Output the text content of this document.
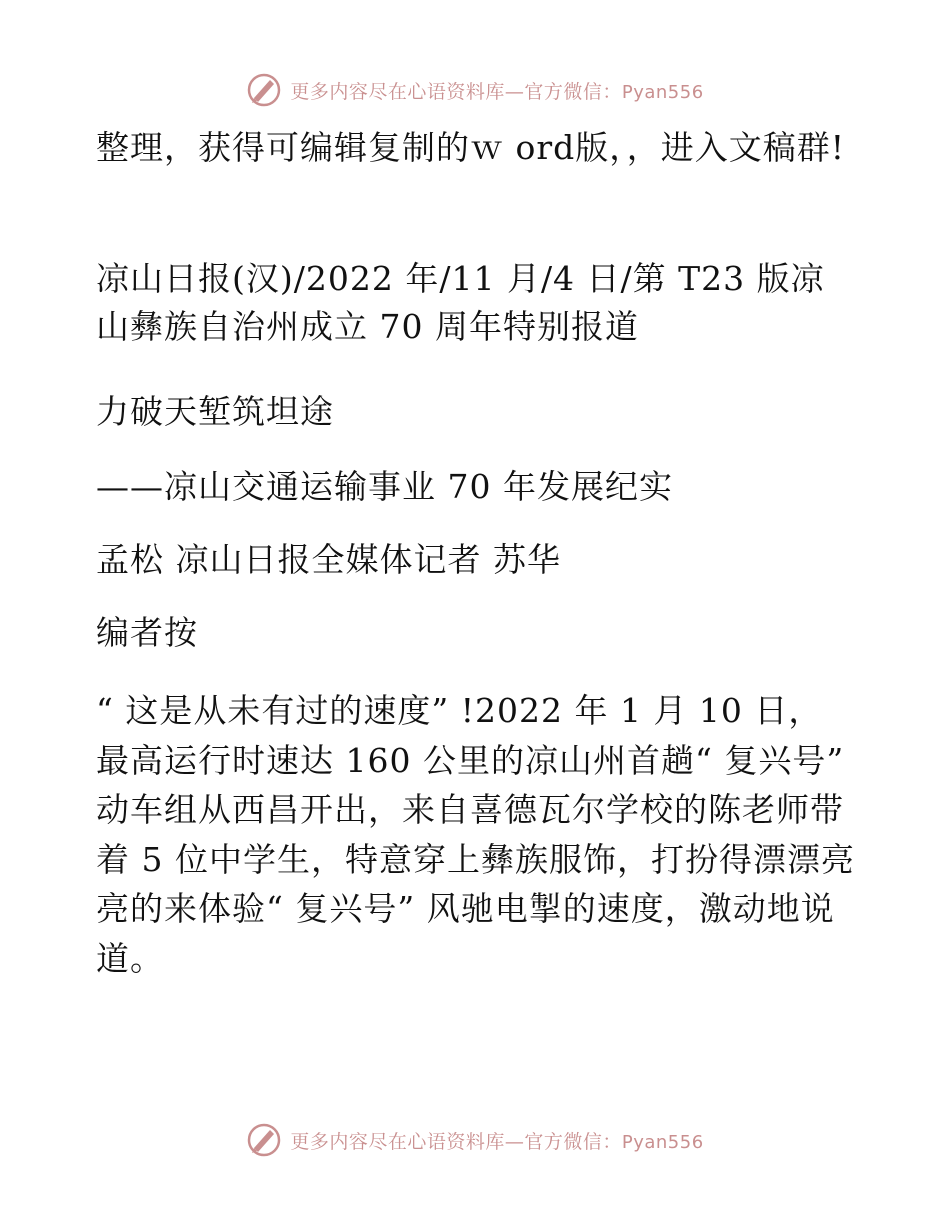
更多内容尽在心语资料库—官方微信：Pyan556

整理，获得可编辑复制的ｗ ord版，，进入文稿群!

凉山日报(汉)/2022 年/11 月/4 日/第 T23 版凉山彝族自治州成立 70 周年特别报道

力破天堑筑坦途

——凉山交通运输事业 70 年发展纪实

孟松 凉山日报全媒体记者 苏华

编者按

“ 这是从未有过的速度” !2022 年 1 月 10 日，最高运行时速达 160 公里的凉山州首趟“ 复兴号” 动车组从西昌开出，来自喜德瓦尔学校的陈老师带着 5 位中学生，特意穿上彝族服饰，打扮得漂漂亮亮的来体验“ 复兴号” 风驰电掣的速度，激动地说道。

更多内容尽在心语资料库—官方微信：Pyan556
